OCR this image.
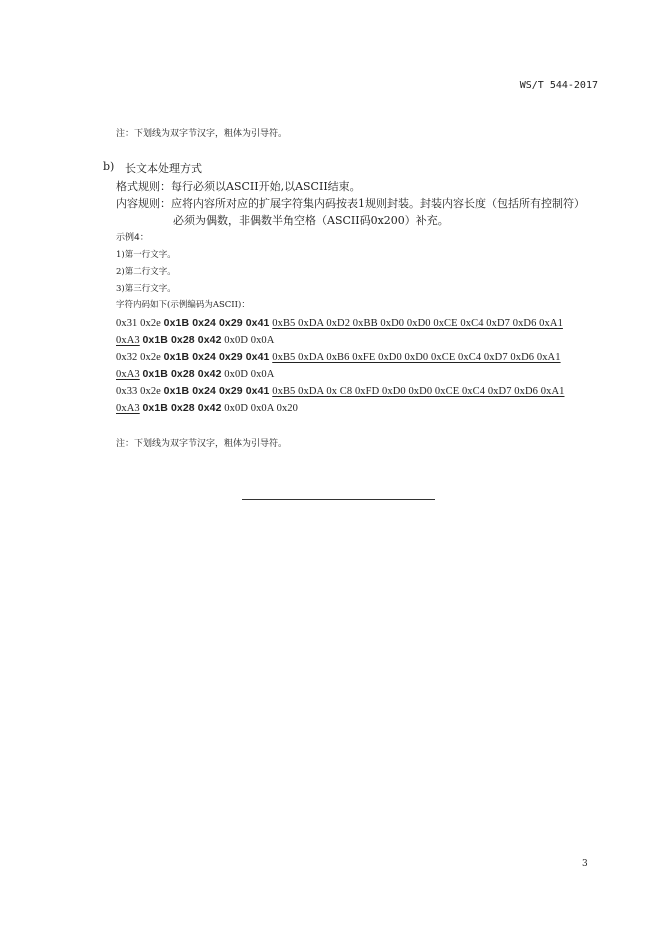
WS/T 544-2017
注：下划线为双字节汉字，粗体为引导符。
b) 长文本处理方式
格式规则：每行必须以ASCII开始,以ASCII结束。
内容规则：应将内容所对应的扩展字符集内码按表1规则封装。封装内容长度（包括所有控制符）
必须为偶数，非偶数半角空格（ASCII码0x200）补充。
示例4：
1)第一行文字。
2)第二行文字。
3)第三行文字。
字符内码如下(示例编码为ASCII)：
0x31 0x2e 0x1B 0x24 0x29 0x41 0xB5 0xDA 0xD2 0xBB 0xD0 0xD0 0xCE 0xC4 0xD7 0xD6 0xA1
0xA3 0x1B 0x28 0x42 0x0D 0x0A
0x32 0x2e 0x1B 0x24 0x29 0x41 0xB5 0xDA 0xB6 0xFE 0xD0 0xD0 0xCE 0xC4 0xD7 0xD6 0xA1
0xA3 0x1B 0x28 0x42 0x0D 0x0A
0x33 0x2e 0x1B 0x24 0x29 0x41 0xB5 0xDA 0x C8 0xFD 0xD0 0xD0 0xCE 0xC4 0xD7 0xD6 0xA1
0xA3 0x1B 0x28 0x42 0x0D 0x0A 0x20
注：下划线为双字节汉字，粗体为引导符。
3
